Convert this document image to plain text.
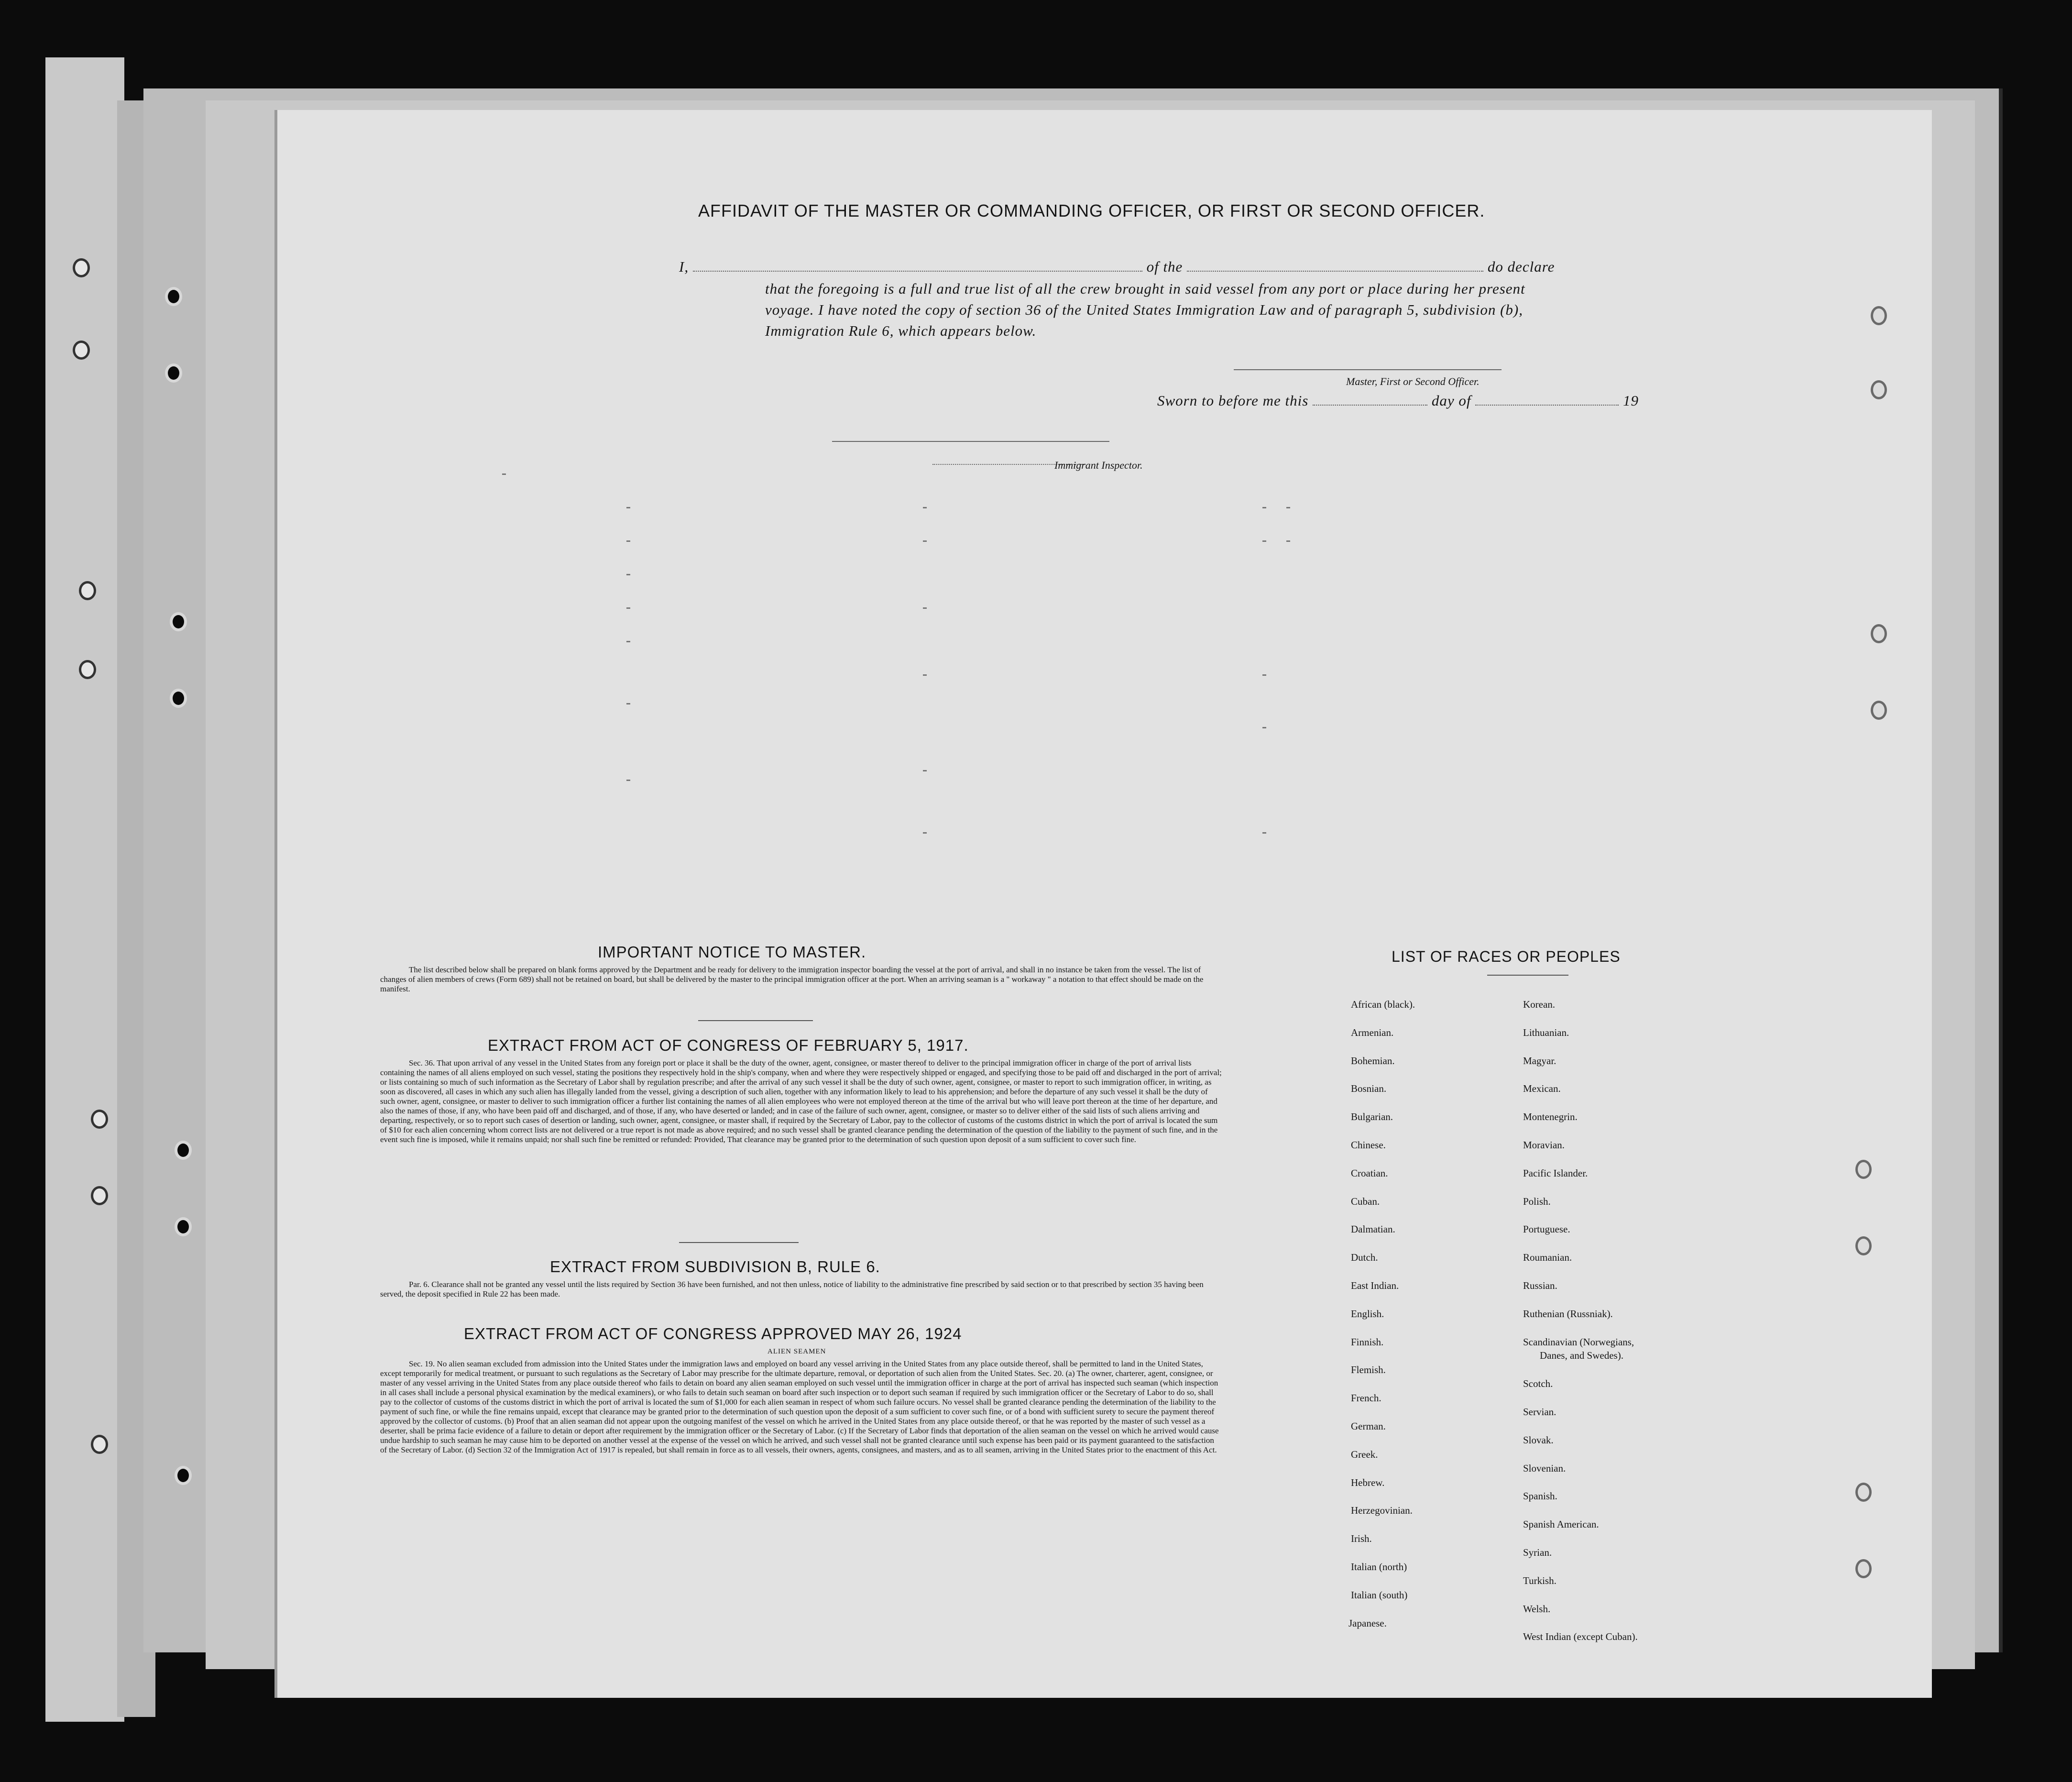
AFFIDAVIT OF THE MASTER OR COMMANDING OFFICER, OR FIRST OR SECOND OFFICER.

I,	of the	do declare

that the foregoing is a full and true list of all the crew brought in said vessel from any port or place during her present

voyage. I have noted the copy of section 36 of the United States Immigration Law and of paragraph 5, subdivision (b),

Immigration Rule 6, which appears below.

Master, First or Second Officer.

Sworn to before me this	day of	19

Immigrant Inspector.

IMPORTANT NOTICE TO MASTER.

The list described below shall be prepared on blank forms approved by the Department and be ready for delivery to the immigration inspector boarding the vessel at the port of arrival, and shall in no instance be taken from the vessel. The list of changes of alien members of crews (Form 689) shall not be retained on board, but shall be delivered by the master to the principal immigration officer at the port. When an arriving seaman is a " workaway " a notation to that effect should be made on the manifest.

EXTRACT FROM ACT OF CONGRESS OF FEBRUARY 5, 1917.

Sec. 36. That upon arrival of any vessel in the United States from any foreign port or place it shall be the duty of the owner, agent, consignee, or master thereof to deliver to the principal immigration officer in charge of the port of arrival lists containing the names of all aliens employed on such vessel, stating the positions they respectively hold in the ship's company, when and where they were respectively shipped or engaged, and specifying those to be paid off and discharged in the port of arrival; or lists containing so much of such information as the Secretary of Labor shall by regulation prescribe; and after the arrival of any such vessel it shall be the duty of such owner, agent, consignee, or master to report to such immigration officer, in writing, as soon as discovered, all cases in which any such alien has illegally landed from the vessel, giving a description of such alien, together with any information likely to lead to his apprehension; and before the departure of any such vessel it shall be the duty of such owner, agent, consignee, or master to deliver to such immigration officer a further list containing the names of all alien employees who were not employed thereon at the time of the arrival but who will leave port thereon at the time of her departure, and also the names of those, if any, who have been paid off and discharged, and of those, if any, who have deserted or landed; and in case of the failure of such owner, agent, consignee, or master so to deliver either of the said lists of such aliens arriving and departing, respectively, or so to report such cases of desertion or landing, such owner, agent, consignee, or master shall, if required by the Secretary of Labor, pay to the collector of customs of the customs district in which the port of arrival is located the sum of $10 for each alien concerning whom correct lists are not delivered or a true report is not made as above required; and no such vessel shall be granted clearance pending the determination of the question of the liability to the payment of such fine, and in the event such fine is imposed, while it remains unpaid; nor shall such fine be remitted or refunded: Provided, That clearance may be granted prior to the determination of such question upon deposit of a sum sufficient to cover such fine.

EXTRACT FROM SUBDIVISION B, RULE 6.

Par. 6. Clearance shall not be granted any vessel until the lists required by Section 36 have been furnished, and not then unless, notice of liability to the administrative fine prescribed by said section or to that prescribed by section 35 having been served, the deposit specified in Rule 22 has been made.

EXTRACT FROM ACT OF CONGRESS APPROVED MAY 26, 1924

ALIEN SEAMEN

Sec. 19. No alien seaman excluded from admission into the United States under the immigration laws and employed on board any vessel arriving in the United States from any place outside thereof, shall be permitted to land in the United States, except temporarily for medical treatment, or pursuant to such regulations as the Secretary of Labor may prescribe for the ultimate departure, removal, or deportation of such alien from the United States. Sec. 20. (a) The owner, charterer, agent, consignee, or master of any vessel arriving in the United States from any place outside thereof who fails to detain on board any alien seaman employed on such vessel until the immigration officer in charge at the port of arrival has inspected such seaman (which inspection in all cases shall include a personal physical examination by the medical examiners), or who fails to detain such seaman on board after such inspection or to deport such seaman if required by such immigration officer or the Secretary of Labor to do so, shall pay to the collector of customs of the customs district in which the port of arrival is located the sum of $1,000 for each alien seaman in respect of whom such failure occurs. No vessel shall be granted clearance pending the determination of the liability to the payment of such fine, or while the fine remains unpaid, except that clearance may be granted prior to the determination of such question upon the deposit of a sum sufficient to cover such fine, or of a bond with sufficient surety to secure the payment thereof approved by the collector of customs. (b) Proof that an alien seaman did not appear upon the outgoing manifest of the vessel on which he arrived in the United States from any place outside thereof, or that he was reported by the master of such vessel as a deserter, shall be prima facie evidence of a failure to detain or deport after requirement by the immigration officer or the Secretary of Labor. (c) If the Secretary of Labor finds that deportation of the alien seaman on the vessel on which he arrived would cause undue hardship to such seaman he may cause him to be deported on another vessel at the expense of the vessel on which he arrived, and such vessel shall not be granted clearance until such expense has been paid or its payment guaranteed to the satisfaction of the Secretary of Labor. (d) Section 32 of the Immigration Act of 1917 is repealed, but shall remain in force as to all vessels, their owners, agents, consignees, and masters, and as to all seamen, arriving in the United States prior to the enactment of this Act.

LIST OF RACES OR PEOPLES

African (black).
Armenian.
Bohemian.
Bosnian.
Bulgarian.
Chinese.
Croatian.
Cuban.
Dalmatian.
Dutch.
East Indian.
English.
Finnish.
Flemish.
French.
German.
Greek.
Hebrew.
Herzegovinian.
Irish.
Italian (north)
Italian (south)
Japanese.
Korean.
Lithuanian.
Magyar.
Mexican.
Montenegrin.
Moravian.
Pacific Islander.
Polish.
Portuguese.
Roumanian.
Russian.
Ruthenian (Russniak).
Scandinavian (Norwegians,
Danes, and Swedes).
Scotch.
Servian.
Slovak.
Slovenian.
Spanish.
Spanish American.
Syrian.
Turkish.
Welsh.
West Indian (except Cuban).
